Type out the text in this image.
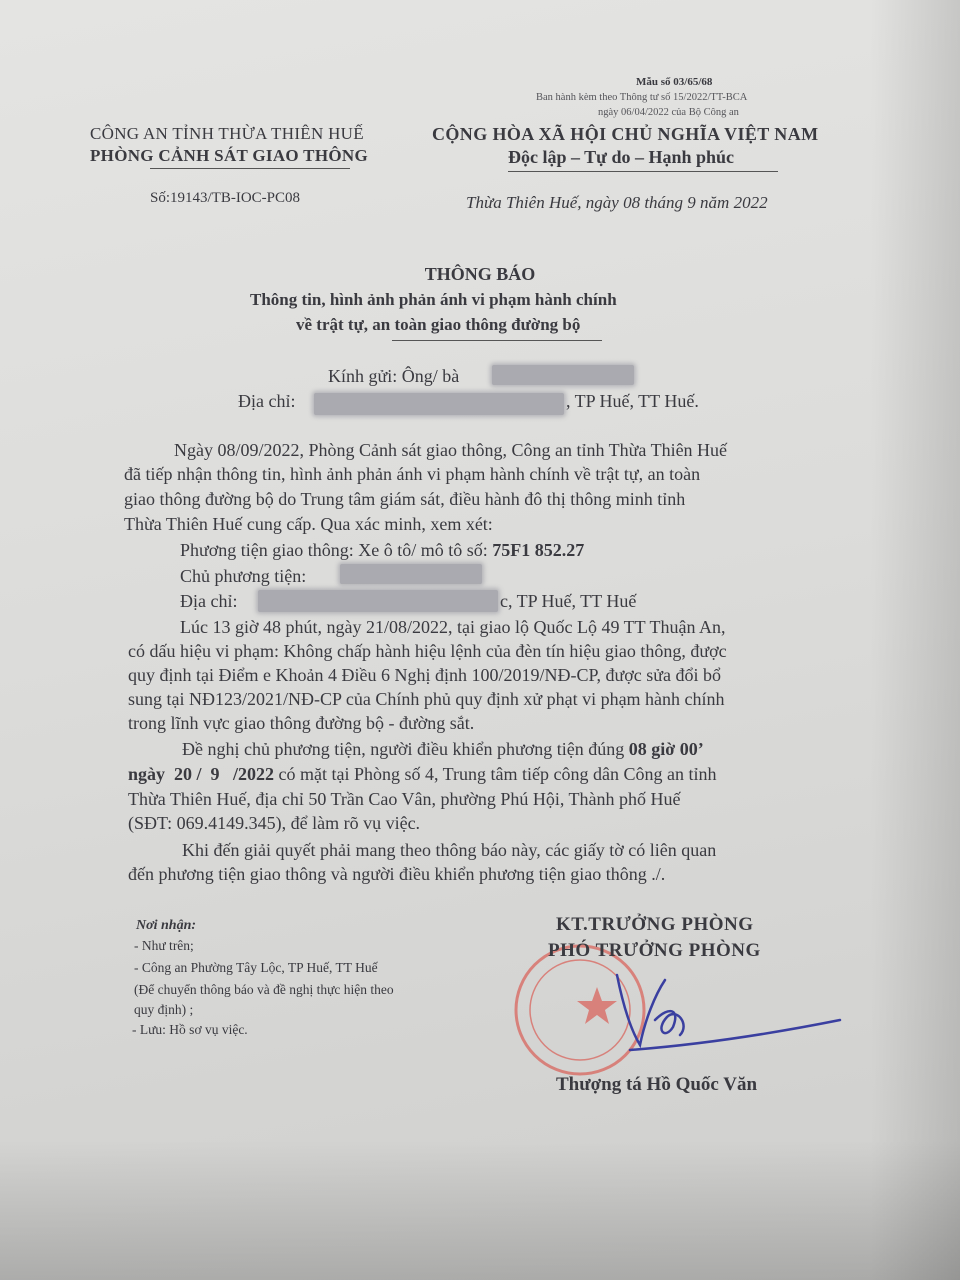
Mẫu số 03/65/68
Ban hành kèm theo Thông tư số 15/2022/TT-BCA
ngày 06/04/2022 của Bộ Công an
CÔNG AN TỈNH THỪA THIÊN HUẾ
PHÒNG CẢNH SÁT GIAO THÔNG
CỘNG HÒA XÃ HỘI CHỦ NGHĨA VIỆT NAM
Độc lập – Tự do – Hạnh phúc
Số:19143/TB-IOC-PC08	Thừa Thiên Huế, ngày 08 tháng 9 năm 2022
THÔNG BÁO
Thông tin, hình ảnh phản ánh vi phạm hành chính
về trật tự, an toàn giao thông đường bộ
Kính gửi: Ông/ bà
Địa chỉ:	, TP Huế, TT Huế.
Ngày 08/09/2022, Phòng Cảnh sát giao thông, Công an tỉnh Thừa Thiên Huế
đã tiếp nhận thông tin, hình ảnh phản ánh vi phạm hành chính về trật tự, an toàn
giao thông đường bộ do Trung tâm giám sát, điều hành đô thị thông minh tỉnh
Thừa Thiên Huế cung cấp. Qua xác minh, xem xét:
Phương tiện giao thông: Xe ô tô/ mô tô số: 75F1 852.27
Chủ phương tiện:
Địa chỉ:	c, TP Huế, TT Huế
Lúc 13 giờ 48 phút, ngày 21/08/2022, tại giao lộ Quốc Lộ 49 TT Thuận An,
có dấu hiệu vi phạm: Không chấp hành hiệu lệnh của đèn tín hiệu giao thông, được
quy định tại Điểm e Khoản 4 Điều 6 Nghị định 100/2019/NĐ-CP, được sửa đổi bổ
sung tại NĐ123/2021/NĐ-CP của Chính phủ quy định xử phạt vi phạm hành chính
trong lĩnh vực giao thông đường bộ - đường sắt.
Đề nghị chủ phương tiện, người điều khiển phương tiện đúng 08 giờ 00’
ngày  20 /  9   /2022 có mặt tại Phòng số 4, Trung tâm tiếp công dân Công an tỉnh
Thừa Thiên Huế, địa chỉ 50 Trần Cao Vân, phường Phú Hội, Thành phố Huế
(SĐT: 069.4149.345), để làm rõ vụ việc.
Khi đến giải quyết phải mang theo thông báo này, các giấy tờ có liên quan
đến phương tiện giao thông và người điều khiển phương tiện giao thông ./.
Nơi nhận:
- Như trên;
- Công an Phường Tây Lộc, TP Huế, TT Huế
(Để chuyển thông báo và đề nghị thực hiện theo
quy định) ;
- Lưu: Hồ sơ vụ việc.
KT.TRƯỞNG PHÒNG
PHÓ TRƯỞNG PHÒNG
Thượng tá Hồ Quốc Văn
